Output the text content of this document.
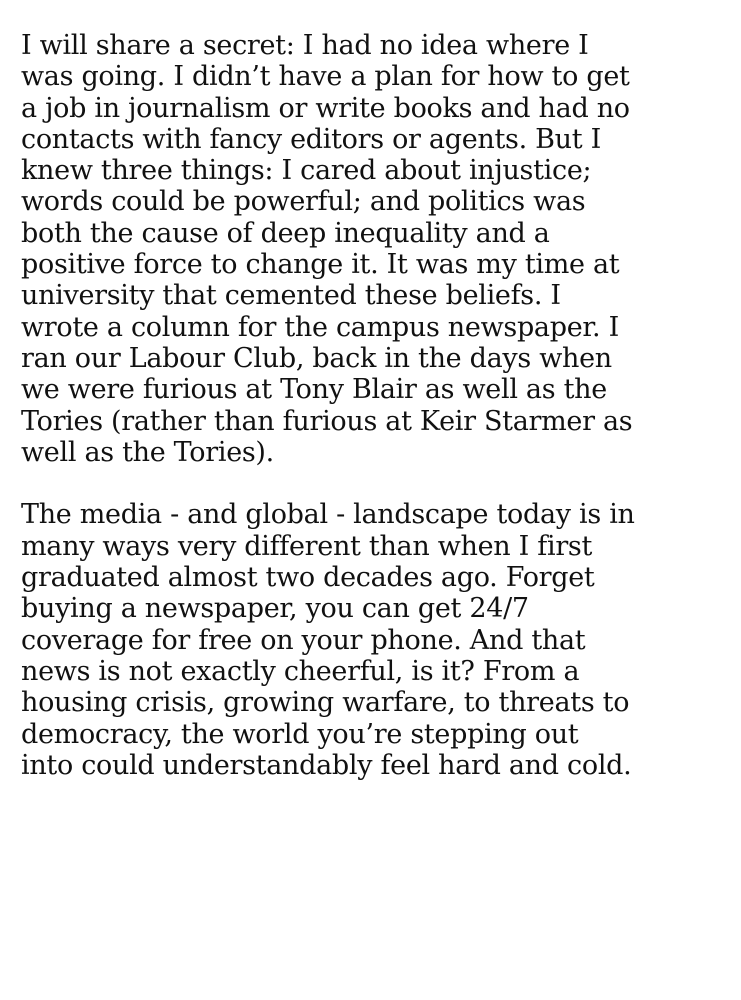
I will share a secret: I had no idea where I
was going. I didn’t have a plan for how to get
a job in journalism or write books and had no
contacts with fancy editors or agents. But I
knew three things: I cared about injustice;
words could be powerful; and politics was
both the cause of deep inequality and a
positive force to change it. It was my time at
university that cemented these beliefs. I
wrote a column for the campus newspaper. I
ran our Labour Club, back in the days when
we were furious at Tony Blair as well as the
Tories (rather than furious at Keir Starmer as
well as the Tories).
The media - and global - landscape today is in
many ways very different than when I first
graduated almost two decades ago. Forget
buying a newspaper, you can get 24/7
coverage for free on your phone. And that
news is not exactly cheerful, is it? From a
housing crisis, growing warfare, to threats to
democracy, the world you’re stepping out
into could understandably feel hard and cold.
